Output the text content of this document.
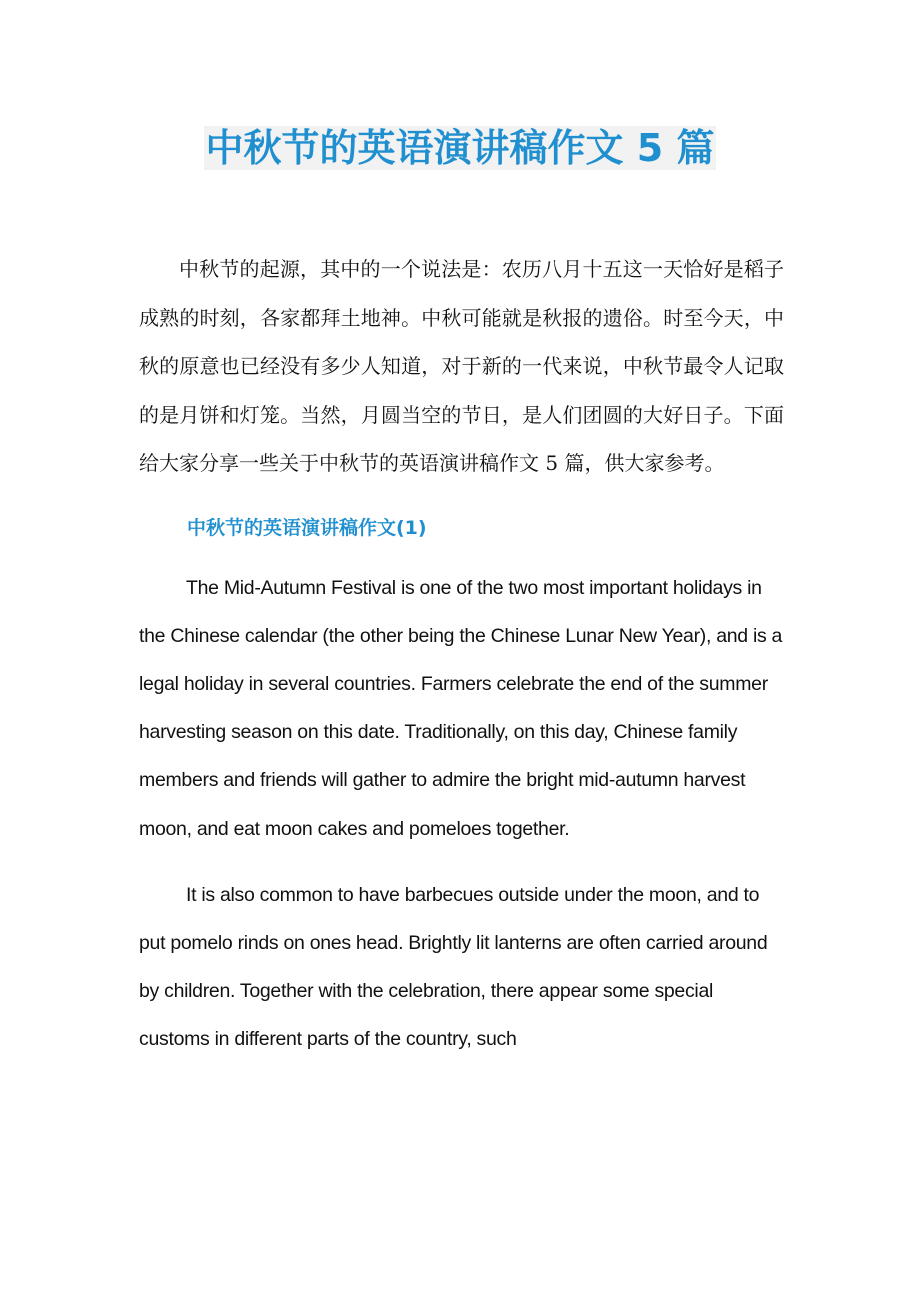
中秋节的英语演讲稿作文 5 篇

中秋节的起源，其中的一个说法是：农历八月十五这一天恰好是稻子成熟的时刻，各家都拜土地神。中秋可能就是秋报的遗俗。时至今天，中秋的原意也已经没有多少人知道，对于新的一代来说，中秋节最令人记取的是月饼和灯笼。当然，月圆当空的节日，是人们团圆的大好日子。下面给大家分享一些关于中秋节的英语演讲稿作文 5 篇，供大家参考。

中秋节的英语演讲稿作文(1)

The Mid-Autumn Festival is one of the two most important holidays in the Chinese calendar (the other being the Chinese Lunar New Year), and is a legal holiday in several countries. Farmers celebrate the end of the summer harvesting season on this date. Traditionally, on this day, Chinese family members and friends will gather to admire the bright mid-autumn harvest moon, and eat moon cakes and pomeloes together.

It is also common to have barbecues outside under the moon, and to put pomelo rinds on ones head. Brightly lit lanterns are often carried around by children. Together with the celebration, there appear some special customs in different parts of the country, such
